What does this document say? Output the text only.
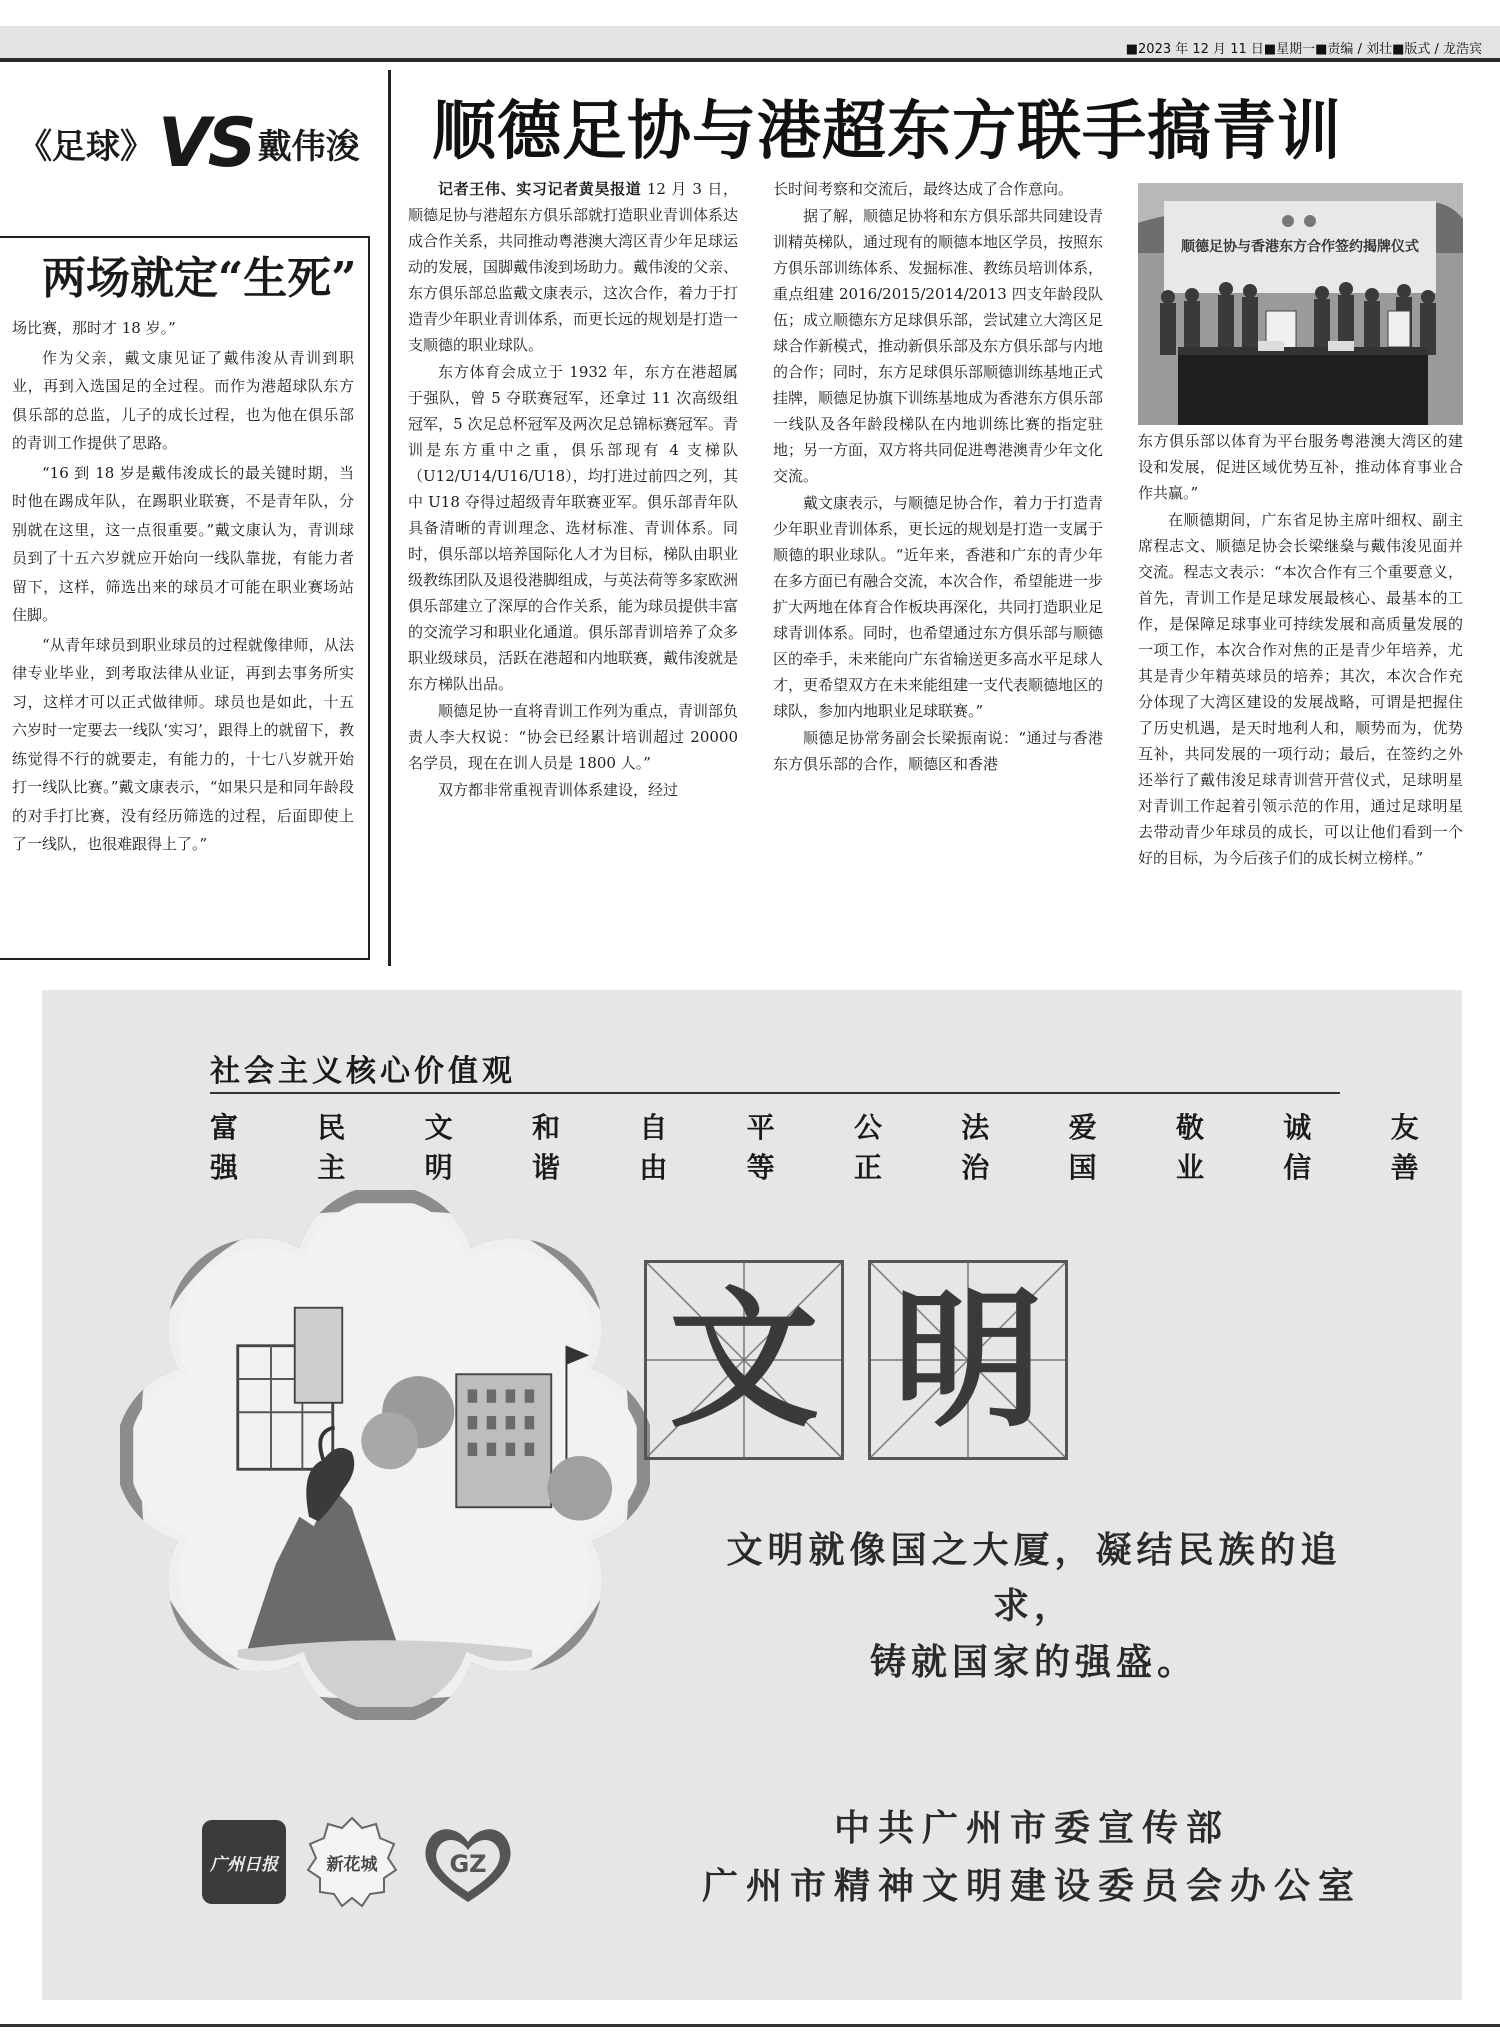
■2023 年 12 月 11 日■星期一■责编 / 刘壮■版式 / 龙浩宾
《足球》VS 戴伟浚
两场就定“生死”

场比赛，那时才 18 岁。”

作为父亲，戴文康见证了戴伟浚从青训到职业，再到入选国足的全过程。而作为港超球队东方俱乐部的总监，儿子的成长过程，也为他在俱乐部的青训工作提供了思路。

“16 到 18 岁是戴伟浚成长的最关键时期，当时他在踢成年队，在踢职业联赛，不是青年队，分别就在这里，这一点很重要。”戴文康认为，青训球员到了十五六岁就应开始向一线队靠拢，有能力者留下，这样，筛选出来的球员才可能在职业赛场站住脚。

“从青年球员到职业球员的过程就像律师，从法律专业毕业，到考取法律从业证，再到去事务所实习，这样才可以正式做律师。球员也是如此，十五六岁时一定要去一线队‘实习’，跟得上的就留下，教练觉得不行的就要走，有能力的，十七八岁就开始打一线队比赛。”戴文康表示，“如果只是和同年龄段的对手打比赛，没有经历筛选的过程，后面即使上了一线队，也很难跟得上了。”

顺德足协与港超东方联手搞青训

记者王伟、实习记者黄昊报道 12 月 3 日，顺德足协与港超东方俱乐部就打造职业青训体系达成合作关系，共同推动粤港澳大湾区青少年足球运动的发展，国脚戴伟浚到场助力。戴伟浚的父亲、东方俱乐部总监戴文康表示，这次合作，着力于打造青少年职业青训体系，而更长远的规划是打造一支顺德的职业球队。

东方体育会成立于 1932 年，东方在港超属于强队，曾 5 夺联赛冠军，还拿过 11 次高级组冠军，5 次足总杯冠军及两次足总锦标赛冠军。青训是东方重中之重，俱乐部现有 4 支梯队（U12/U14/U16/U18），均打进过前四之列，其中 U18 夺得过超级青年联赛亚军。俱乐部青年队具备清晰的青训理念、选材标准、青训体系。同时，俱乐部以培养国际化人才为目标，梯队由职业级教练团队及退役港脚组成，与英法荷等多家欧洲俱乐部建立了深厚的合作关系，能为球员提供丰富的交流学习和职业化通道。俱乐部青训培养了众多职业级球员，活跃在港超和内地联赛，戴伟浚就是东方梯队出品。

顺德足协一直将青训工作列为重点，青训部负责人李大权说：“协会已经累计培训超过 20000 名学员，现在在训人员是 1800 人。”

双方都非常重视青训体系建设，经过

长时间考察和交流后，最终达成了合作意向。

据了解，顺德足协将和东方俱乐部共同建设青训精英梯队，通过现有的顺德本地区学员，按照东方俱乐部训练体系、发掘标准、教练员培训体系，重点组建 2016/2015/2014/2013 四支年龄段队伍；成立顺德东方足球俱乐部，尝试建立大湾区足球合作新模式，推动新俱乐部及东方俱乐部与内地的合作；同时，东方足球俱乐部顺德训练基地正式挂牌，顺德足协旗下训练基地成为香港东方俱乐部一线队及各年龄段梯队在内地训练比赛的指定驻地；另一方面，双方将共同促进粤港澳青少年文化交流。

戴文康表示，与顺德足协合作，着力于打造青少年职业青训体系，更长远的规划是打造一支属于顺德的职业球队。“近年来，香港和广东的青少年在多方面已有融合交流，本次合作，希望能进一步扩大两地在体育合作板块再深化，共同打造职业足球青训体系。同时，也希望通过东方俱乐部与顺德区的牵手，未来能向广东省输送更多高水平足球人才，更希望双方在未来能组建一支代表顺德地区的球队，参加内地职业足球联赛。”

顺德足协常务副会长梁振南说：“通过与香港东方俱乐部的合作，顺德区和香港

顺德足协与香港东方合作签约揭牌仪式

东方俱乐部以体育为平台服务粤港澳大湾区的建设和发展，促进区域优势互补，推动体育事业合作共赢。”

在顺德期间，广东省足协主席叶细权、副主席程志文、顺德足协会长梁继燊与戴伟浚见面并交流。程志文表示：“本次合作有三个重要意义，首先，青训工作是足球发展最核心、最基本的工作，是保障足球事业可持续发展和高质量发展的一项工作，本次合作对焦的正是青少年培养，尤其是青少年精英球员的培养；其次，本次合作充分体现了大湾区建设的发展战略，可谓是把握住了历史机遇，是天时地利人和，顺势而为，优势互补，共同发展的一项行动；最后，在签约之外还举行了戴伟浚足球青训营开营仪式，足球明星对青训工作起着引领示范的作用，通过足球明星去带动青少年球员的成长，可以让他们看到一个好的目标，为今后孩子们的成长树立榜样。”

社会主义核心价值观
富强
民主
文明
和谐
自由
平等
公正
法治
爱国
敬业
诚信
友善
文 明
文明就像国之大厦，凝结民族的追求，
铸就国家的强盛。
中共广州市委宣传部
广州市精神文明建设委员会办公室
广州日报	新花城	GZ
